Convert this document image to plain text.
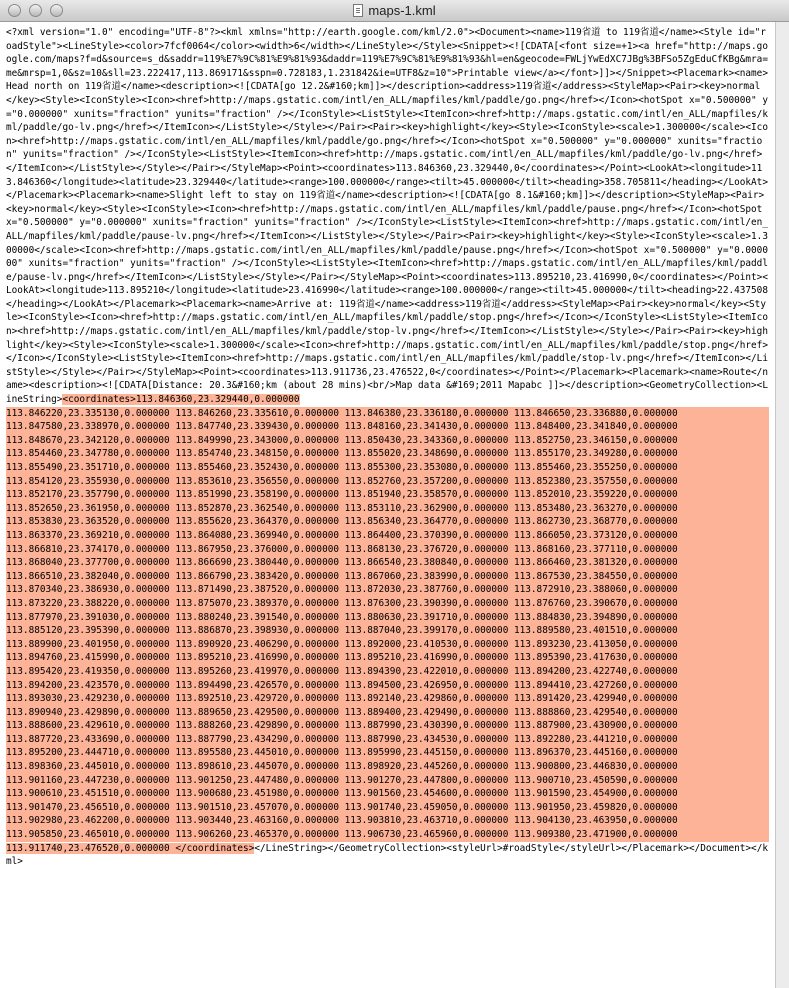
maps-1.kml
<?xml version="1.0" encoding="UTF-8"?><kml xmlns="http://earth.google.com/kml/2.0"><Document><name>119省道 to 119省道</name><Style id="roadStyle"><LineStyle><color>7fcf0064</color><width>6</width></LineStyle></Style><Snippet><![CDATA[<font size=+1><a href="http://maps.google.com/maps?f=d&source=s_d&saddr=119%E7%9C%81%E9%81%93&daddr=119%E7%9C%81%E9%81%93&hl=en&geocode=FWLjYwEdXC7JBg%3BFSo5ZgEduCfKBg&mra=me&mrsp=1,0&sz=10&sll=23.222417,113.869171&sspn=0.728183,1.231842&ie=UTF8&z=10">Printable view</a></font>]]></Snippet><Placemark><name>Head north on 119省道</name><description><![CDATA[go 12.2&#160;km]]></description><address>119省道</address><StyleMap><Pair><key>normal</key><Style><IconStyle><Icon><href>http://maps.gstatic.com/intl/en_ALL/mapfiles/kml/paddle/go.png</href></Icon><hotSpot x="0.500000" y="0.000000" xunits="fraction" yunits="fraction" /></IconStyle><ListStyle><ItemIcon><href>http://maps.gstatic.com/intl/en_ALL/mapfiles/kml/paddle/go-lv.png</href></ItemIcon></ListStyle></Style></Pair><Pair><key>highlight</key><Style><IconStyle><scale>1.300000</scale><Icon><href>http://maps.gstatic.com/intl/en_ALL/mapfiles/kml/paddle/go.png</href></Icon><hotSpot x="0.500000" y="0.000000" xunits="fraction" yunits="fraction" /></IconStyle><ListStyle><ItemIcon><href>http://maps.gstatic.com/intl/en_ALL/mapfiles/kml/paddle/go-lv.png</href></ItemIcon></ListStyle></Style></Pair></StyleMap><Point><coordinates>113.846360,23.329440,0</coordinates></Point><LookAt><longitude>113.846360</longitude><latitude>23.329440</latitude><range>100.000000</range><tilt>45.000000</tilt><heading>358.705811</heading></LookAt></Placemark><Placemark><name>Slight left to stay on 119省道</name><description><![CDATA[go 8.1&#160;km]]></description><StyleMap><Pair><key>normal</key><Style><IconStyle><Icon><href>http://maps.gstatic.com/intl/en_ALL/mapfiles/kml/paddle/pause.png</href></Icon><hotSpot x="0.500000" y="0.000000" xunits="fraction" yunits="fraction" /></IconStyle><ListStyle><ItemIcon><href>http://maps.gstatic.com/intl/en_ALL/mapfiles/kml/paddle/pause-lv.png</href></ItemIcon></ListStyle></Style></Pair><Pair><key>highlight</key><Style><IconStyle><scale>1.300000</scale><Icon><href>http://maps.gstatic.com/intl/en_ALL/mapfiles/kml/paddle/pause.png</href></Icon><hotSpot x="0.500000" y="0.000000" xunits="fraction" yunits="fraction" /></IconStyle><ListStyle><ItemIcon><href>http://maps.gstatic.com/intl/en_ALL/mapfiles/kml/paddle/pause-lv.png</href></ItemIcon></ListStyle></Style></Pair></StyleMap><Point><coordinates>113.895210,23.416990,0</coordinates></Point><LookAt><longitude>113.895210</longitude><latitude>23.416990</latitude><range>100.000000</range><tilt>45.000000</tilt><heading>22.437508</heading></LookAt></Placemark><Placemark><name>Arrive at: 119省道</name><address>119省道</address><StyleMap><Pair><key>normal</key><Style><IconStyle><Icon><href>http://maps.gstatic.com/intl/en_ALL/mapfiles/kml/paddle/stop.png</href></Icon></IconStyle><ListStyle><ItemIcon><href>http://maps.gstatic.com/intl/en_ALL/mapfiles/kml/paddle/stop-lv.png</href></ItemIcon></ListStyle></Style></Pair><Pair><key>highlight</key><Style><IconStyle><scale>1.300000</scale><Icon><href>http://maps.gstatic.com/intl/en_ALL/mapfiles/kml/paddle/stop.png</href></Icon></IconStyle><ListStyle><ItemIcon><href>http://maps.gstatic.com/intl/en_ALL/mapfiles/kml/paddle/stop-lv.png</href></ItemIcon></ListStyle></Style></Pair></StyleMap><Point><coordinates>113.911736,23.476522,0</coordinates></Point></Placemark><Placemark><name>Route</name><description><![CDATA[Distance: 20.3&#160;km (about 28 mins)<br/>Map data &#169;2011 Mapabc ]]></description><GeometryCollection><LineString><coordinates>113.846360,23.329440,0.000000
113.846220,23.335130,0.000000 113.846260,23.335610,0.000000 113.846380,23.336180,0.000000 113.846650,23.336880,0.000000
113.847580,23.338970,0.000000 113.847740,23.339430,0.000000 113.848160,23.341430,0.000000 113.848400,23.341840,0.000000
113.848670,23.342120,0.000000 113.849990,23.343000,0.000000 113.850430,23.343360,0.000000 113.852750,23.346150,0.000000
113.854460,23.347780,0.000000 113.854740,23.348150,0.000000 113.855020,23.348690,0.000000 113.855170,23.349280,0.000000
113.855490,23.351710,0.000000 113.855460,23.352430,0.000000 113.855300,23.353080,0.000000 113.855460,23.355250,0.000000
113.854120,23.355930,0.000000 113.853610,23.356550,0.000000 113.852760,23.357200,0.000000 113.852380,23.357550,0.000000
113.852170,23.357790,0.000000 113.851990,23.358190,0.000000 113.851940,23.358570,0.000000 113.852010,23.359220,0.000000
113.852650,23.361950,0.000000 113.852870,23.362540,0.000000 113.853110,23.362900,0.000000 113.853480,23.363270,0.000000
113.853830,23.363520,0.000000 113.855620,23.364370,0.000000 113.856340,23.364770,0.000000 113.862730,23.368770,0.000000
113.863370,23.369210,0.000000 113.864080,23.369940,0.000000 113.864400,23.370390,0.000000 113.866050,23.373120,0.000000
113.866810,23.374170,0.000000 113.867950,23.376000,0.000000 113.868130,23.376720,0.000000 113.868160,23.377110,0.000000
113.868040,23.377700,0.000000 113.866690,23.380440,0.000000 113.866540,23.380840,0.000000 113.866460,23.381320,0.000000
113.866510,23.382040,0.000000 113.866790,23.383420,0.000000 113.867060,23.383990,0.000000 113.867530,23.384550,0.000000
113.870340,23.386930,0.000000 113.871490,23.387520,0.000000 113.872030,23.387760,0.000000 113.872910,23.388060,0.000000
113.873220,23.388220,0.000000 113.875070,23.389370,0.000000 113.876300,23.390390,0.000000 113.876760,23.390670,0.000000
113.877970,23.391030,0.000000 113.880240,23.391540,0.000000 113.880630,23.391710,0.000000 113.884830,23.394890,0.000000
113.885120,23.395390,0.000000 113.886870,23.398930,0.000000 113.887040,23.399170,0.000000 113.889580,23.401510,0.000000
113.889900,23.401950,0.000000 113.890920,23.406290,0.000000 113.892000,23.410530,0.000000 113.893230,23.413050,0.000000
113.894760,23.415990,0.000000 113.895210,23.416990,0.000000 113.895210,23.416990,0.000000 113.895390,23.417630,0.000000
113.895420,23.419350,0.000000 113.895260,23.419970,0.000000 113.894390,23.422010,0.000000 113.894200,23.422740,0.000000
113.894200,23.423570,0.000000 113.894490,23.426570,0.000000 113.894500,23.426950,0.000000 113.894410,23.427260,0.000000
113.893030,23.429230,0.000000 113.892510,23.429720,0.000000 113.892140,23.429860,0.000000 113.891420,23.429940,0.000000
113.890940,23.429890,0.000000 113.889650,23.429500,0.000000 113.889400,23.429490,0.000000 113.888860,23.429540,0.000000
113.888600,23.429610,0.000000 113.888260,23.429890,0.000000 113.887990,23.430390,0.000000 113.887900,23.430900,0.000000
113.887720,23.433690,0.000000 113.887790,23.434290,0.000000 113.887990,23.434530,0.000000 113.892280,23.441210,0.000000
113.895200,23.444710,0.000000 113.895580,23.445010,0.000000 113.895990,23.445150,0.000000 113.896370,23.445160,0.000000
113.898360,23.445010,0.000000 113.898610,23.445070,0.000000 113.898920,23.445260,0.000000 113.900800,23.446830,0.000000
113.901160,23.447230,0.000000 113.901250,23.447480,0.000000 113.901270,23.447800,0.000000 113.900710,23.450590,0.000000
113.900610,23.451510,0.000000 113.900680,23.451980,0.000000 113.901560,23.454600,0.000000 113.901590,23.454900,0.000000
113.901470,23.456510,0.000000 113.901510,23.457070,0.000000 113.901740,23.459050,0.000000 113.901950,23.459820,0.000000
113.902980,23.462200,0.000000 113.903440,23.463160,0.000000 113.903810,23.463710,0.000000 113.904130,23.463950,0.000000
113.905850,23.465010,0.000000 113.906260,23.465370,0.000000 113.906730,23.465960,0.000000 113.909380,23.471900,0.000000
113.911740,23.476520,0.000000 </coordinates></LineString></GeometryCollection><styleUrl>#roadStyle</styleUrl></Placemark></Document></kml>
